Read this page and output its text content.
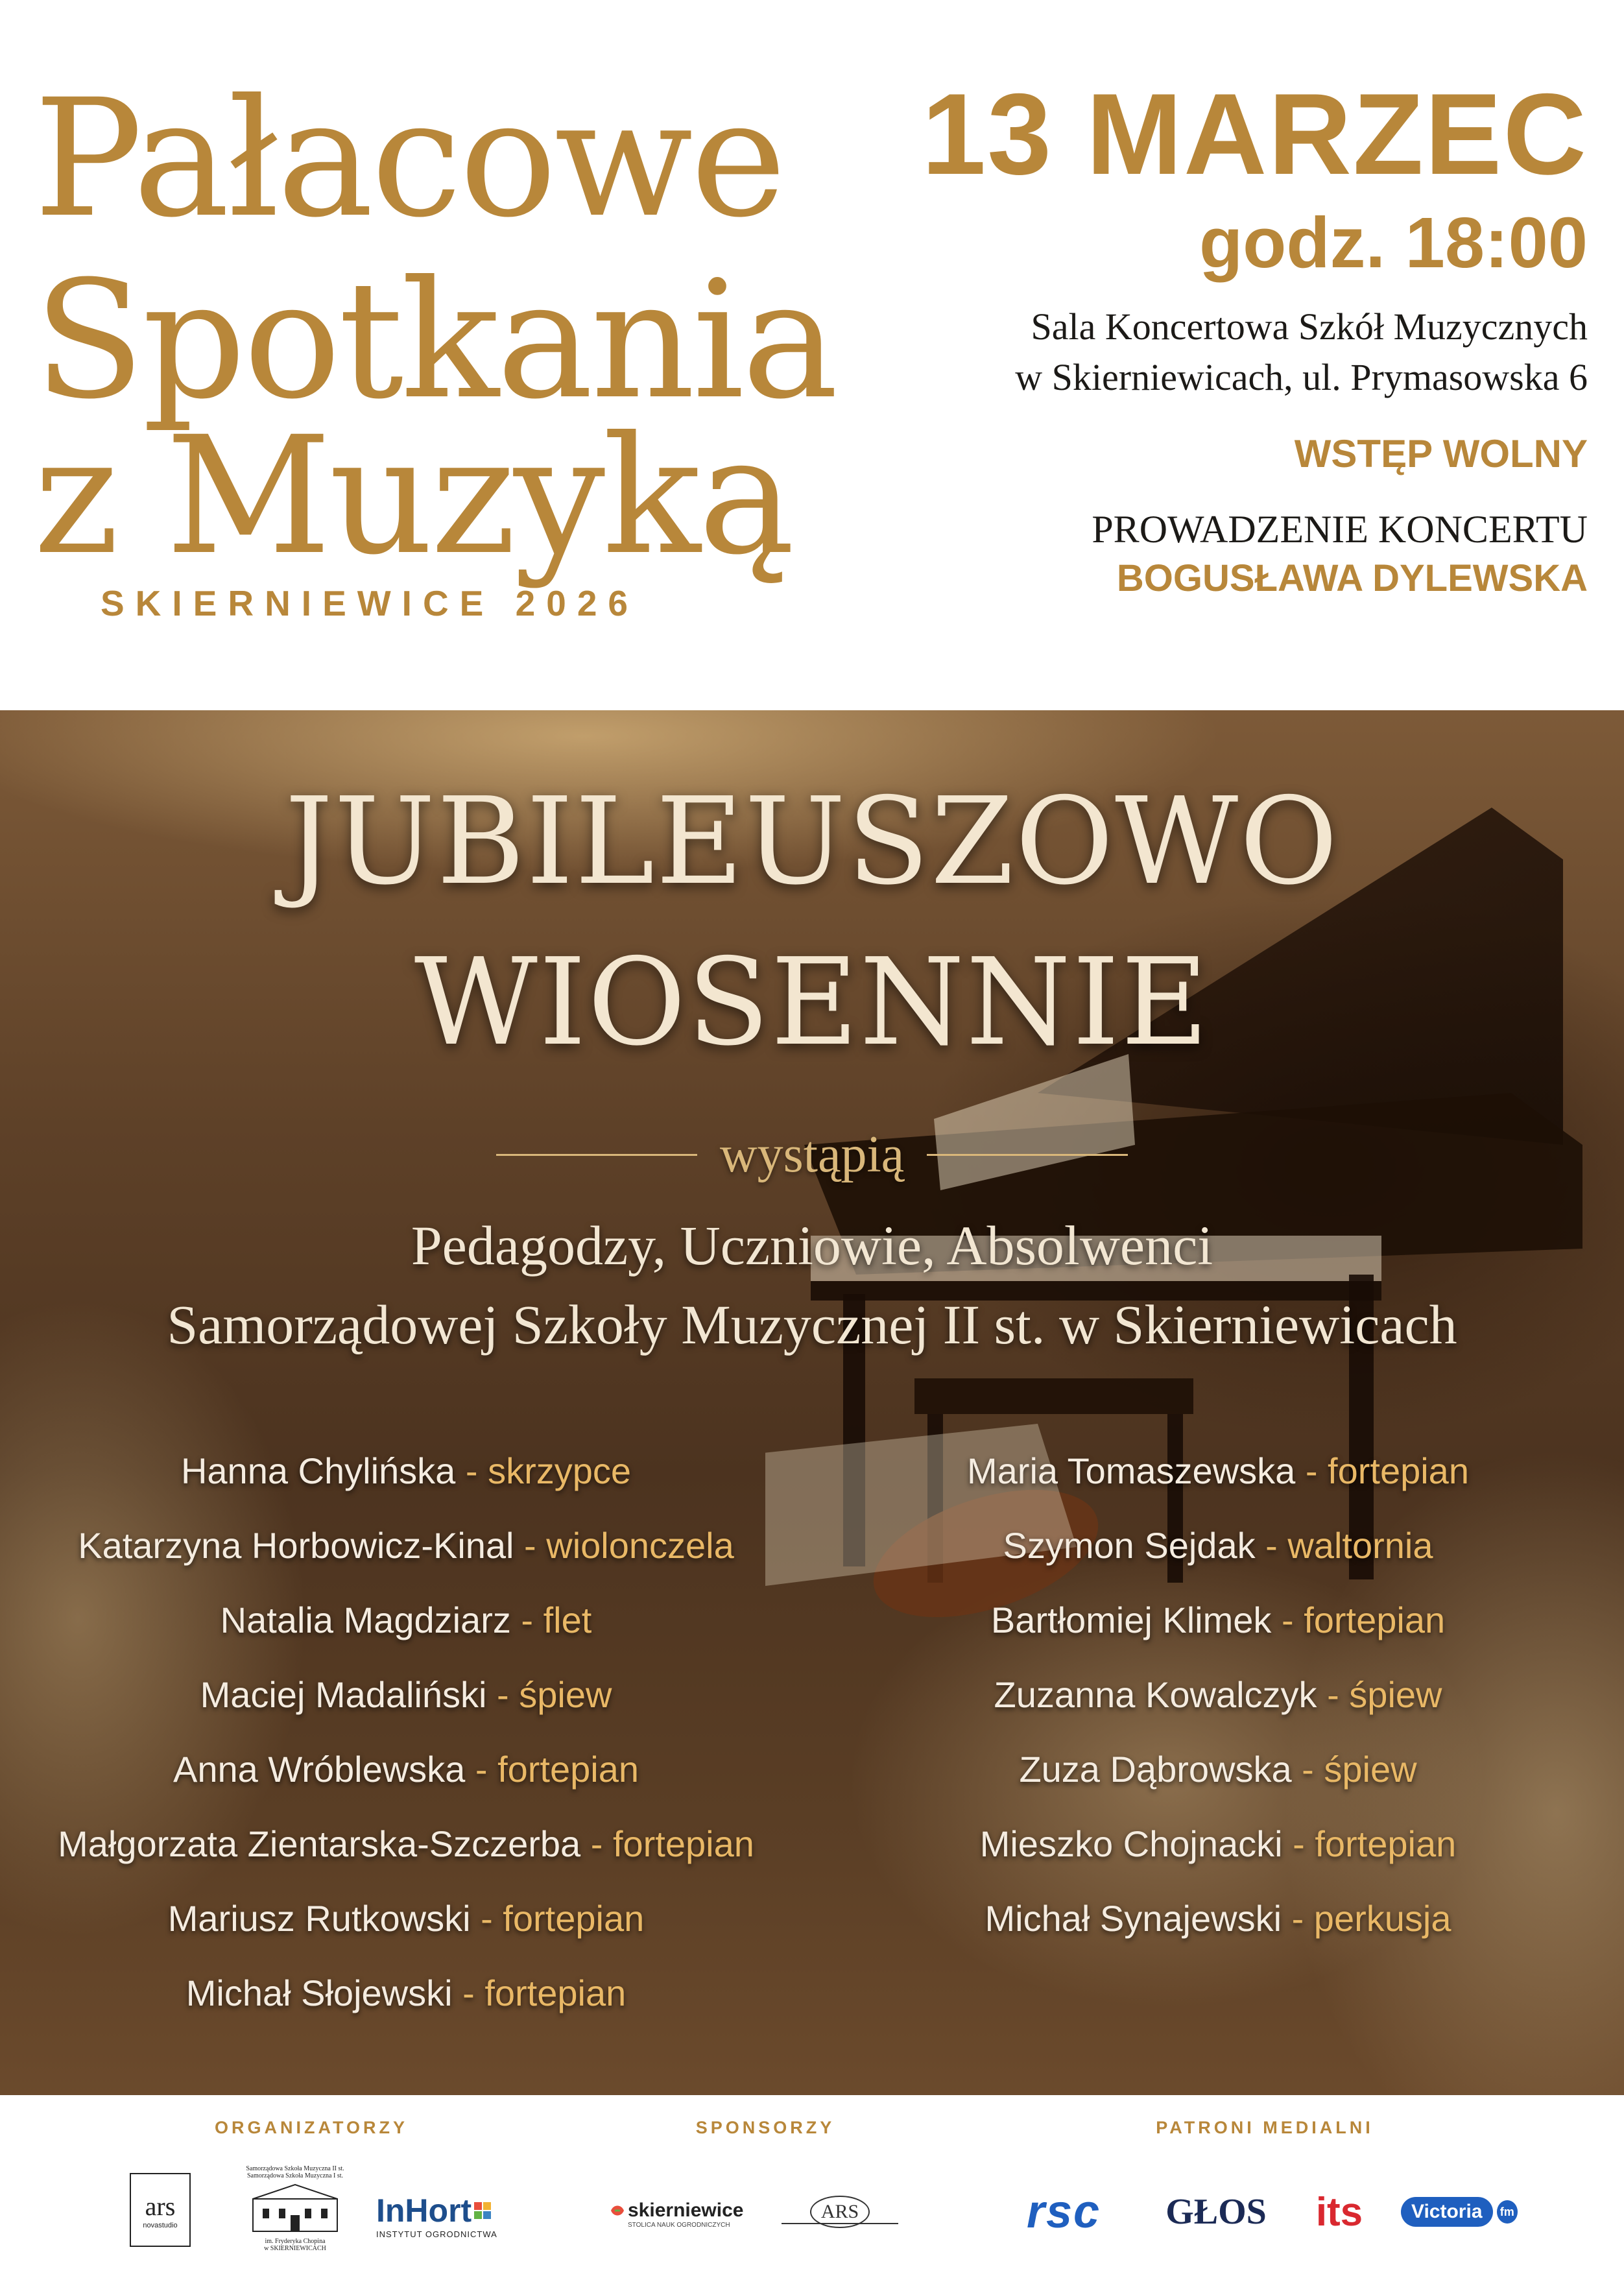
Pałacowe
Spotkania
z Muzyką
SKIERNIEWICE 2026
13 MARZEC
godz. 18:00
Sala Koncertowa Szkół Muzycznych
w Skierniewicach, ul. Prymasowska 6
WSTĘP WOLNY
PROWADZENIE KONCERTU
BOGUSŁAWA DYLEWSKA
JUBILEUSZOWO
WIOSENNIE
wystąpią
Pedagodzy, Uczniowie, Absolwenci
Samorządowej Szkoły Muzycznej II st. w Skierniewicach
Hanna Chylińska - skrzypce
Katarzyna Horbowicz-Kinal - wiolonczela
Natalia Magdziarz - flet
Maciej Madaliński - śpiew
Anna Wróblewska - fortepian
Małgorzata Zientarska-Szczerba - fortepian
Mariusz Rutkowski - fortepian
Michał Słojewski - fortepian
Maria Tomaszewska - fortepian
Szymon Sejdak - waltornia
Bartłomiej Klimek - fortepian
Zuzanna Kowalczyk - śpiew
Zuza Dąbrowska - śpiew
Mieszko Chojnacki - fortepian
Michał Synajewski - perkusja
ORGANIZATORZY	SPONSORZY	PATRONI MEDIALNI
ars
novastudio
Samorządowa Szkoła Muzyczna II st.
Samorządowa Szkoła Muzyczna I st.
im. Fryderyka Chopina
w SKIERNIEWICACH
InHort
INSTYTUT OGRODNICTWA
skierniewice
STOLICA NAUK OGRODNICZYCH
ARS	rsc GŁOS its Victoria fm
